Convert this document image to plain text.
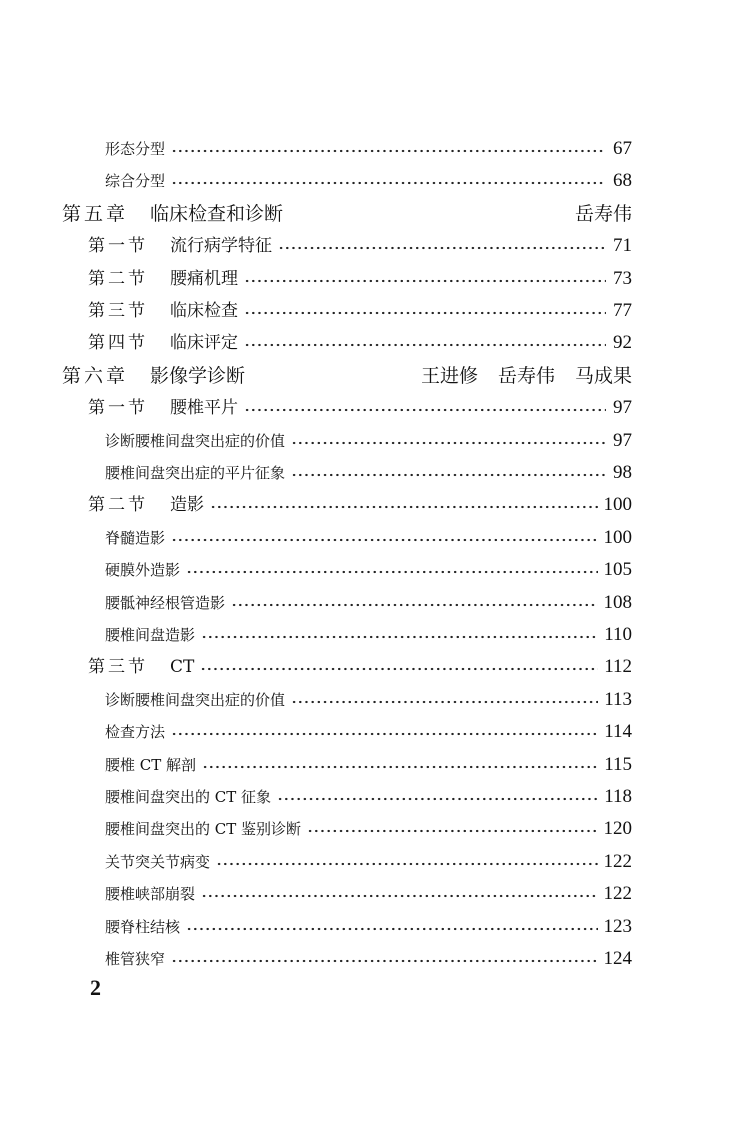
形态分型	67
综合分型	68
第五章 临床检查和诊断	岳寿伟
第一节 流行病学特征	71
第二节 腰痛机理	73
第三节 临床检查	77
第四节 临床评定	92
第六章 影像学诊断	王进修 岳寿伟 马成果
第一节 腰椎平片	97
诊断腰椎间盘突出症的价值	97
腰椎间盘突出症的平片征象	98
第二节 造影	100
脊髓造影	100
硬膜外造影	105
腰骶神经根管造影	108
腰椎间盘造影	110
第三节 CT	112
诊断腰椎间盘突出症的价值	113
检查方法	114
腰椎 CT 解剖	115
腰椎间盘突出的 CT 征象	118
腰椎间盘突出的 CT 鉴别诊断	120
关节突关节病变	122
腰椎峡部崩裂	122
腰脊柱结核	123
椎管狭窄	124
2
